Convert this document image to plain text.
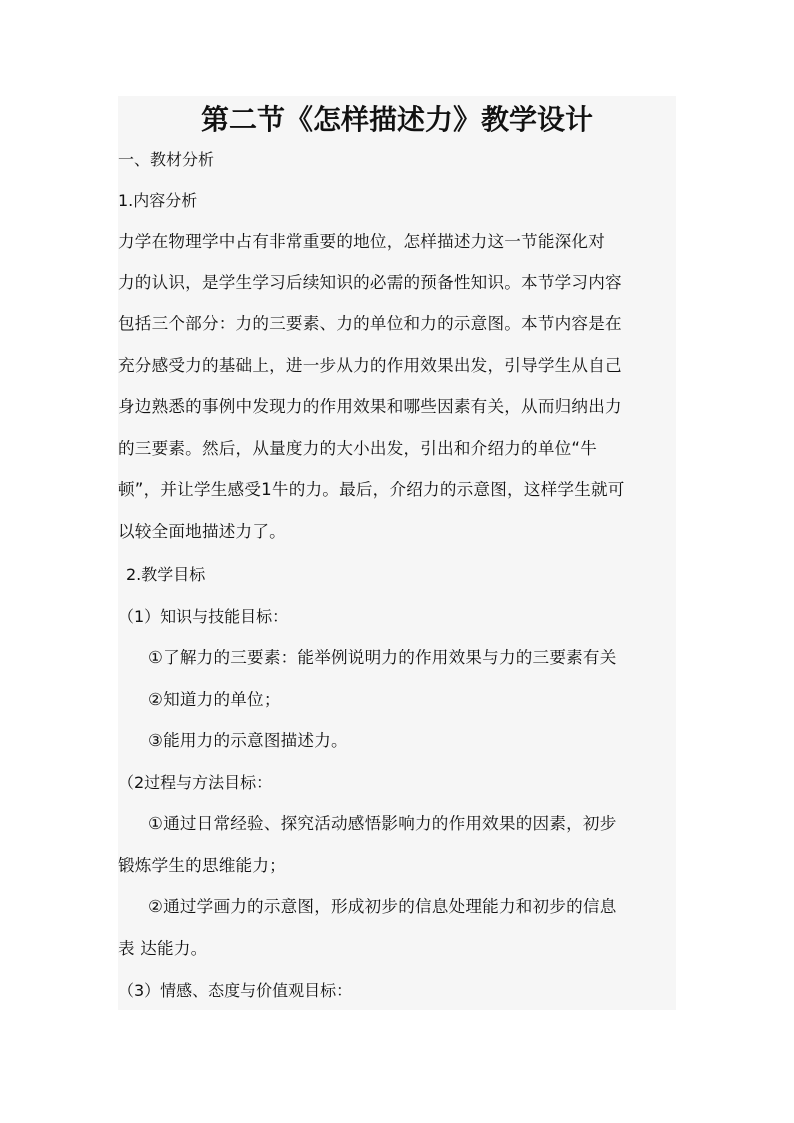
第二节《怎样描述力》教学设计
一、教材分析
1.内容分析
力学在物理学中占有非常重要的地位，怎样描述力这一节能深化对
力的认识，是学生学习后续知识的必需的预备性知识。本节学习内容
包括三个部分：力的三要素、力的单位和力的示意图。本节内容是在
充分感受力的基础上，进一步从力的作用效果出发，引导学生从自己
身边熟悉的事例中发现力的作用效果和哪些因素有关，从而归纳出力
的三要素。然后，从量度力的大小出发，引出和介绍力的单位“牛
顿”，并让学生感受1牛的力。最后，介绍力的示意图，这样学生就可
以较全面地描述力了。
2.教学目标
（1）知识与技能目标：
①了解力的三要素：能举例说明力的作用效果与力的三要素有关
②知道力的单位；
③能用力的示意图描述力。
（2过程与方法目标：
①通过日常经验、探究活动感悟影响力的作用效果的因素，初步
锻炼学生的思维能力；
②通过学画力的示意图，形成初步的信息处理能力和初步的信息
表 达能力。
（3）情感、态度与价值观目标：
